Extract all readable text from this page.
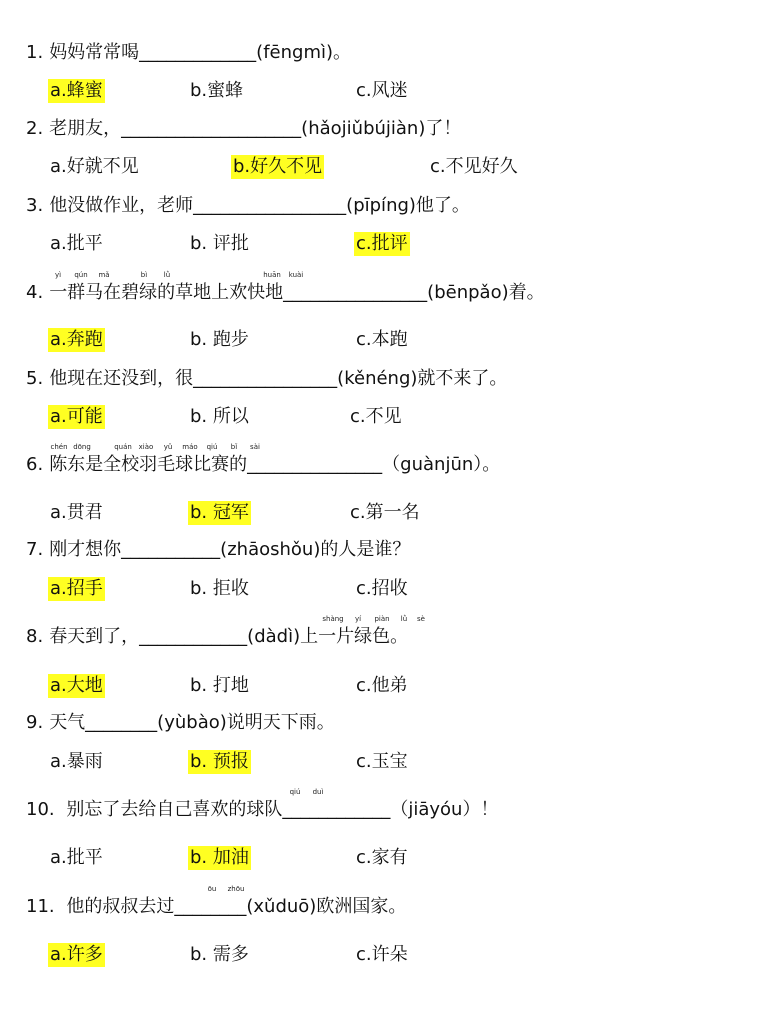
1. 妈妈常常喝_____________(fēngmì)。
a.蜂蜜	b.蜜蜂	c.风迷
2. 老朋友，____________________(hǎojiǔbújiàn)了！
a.好就不见	b.好久不见	c.不见好久
3. 他没做作业，老师_________________(pīpíng)他了。
a.批平	b. 评批	c.批评
4. 一群马在碧绿的草地上欢快地________________(bēnpǎo)着。
yì qún mǎ	bì lǜ	huān kuài
a.奔跑	b. 跑步	c.本跑
5. 他现在还没到，很________________(kěnéng)就不来了。
a.可能	b. 所以	c.不见
6. 陈东是全校羽毛球比赛的_______________（guànjūn）。
chén dōng	quán xiào yǔ máo qiú bǐ sài
a.贯君	b. 冠军	c.第一名
7. 刚才想你___________(zhāoshǒu)的人是谁？
a.招手	b. 拒收	c.招收
8. 春天到了，____________(dàdì)上一片绿色。
shàng yí piàn lǜ sè
a.大地	b. 打地	c.他弟
9. 天气________(yùbào)说明天下雨。
a.暴雨	b. 预报	c.玉宝
10. 别忘了去给自己喜欢的球队____________（jiāyóu）！
qiú duì
a.批平	b. 加油	c.家有
11. 他的叔叔去过________(xǔduō)欧洲国家。
ōu zhōu
a.许多	b. 需多	c.许朵
